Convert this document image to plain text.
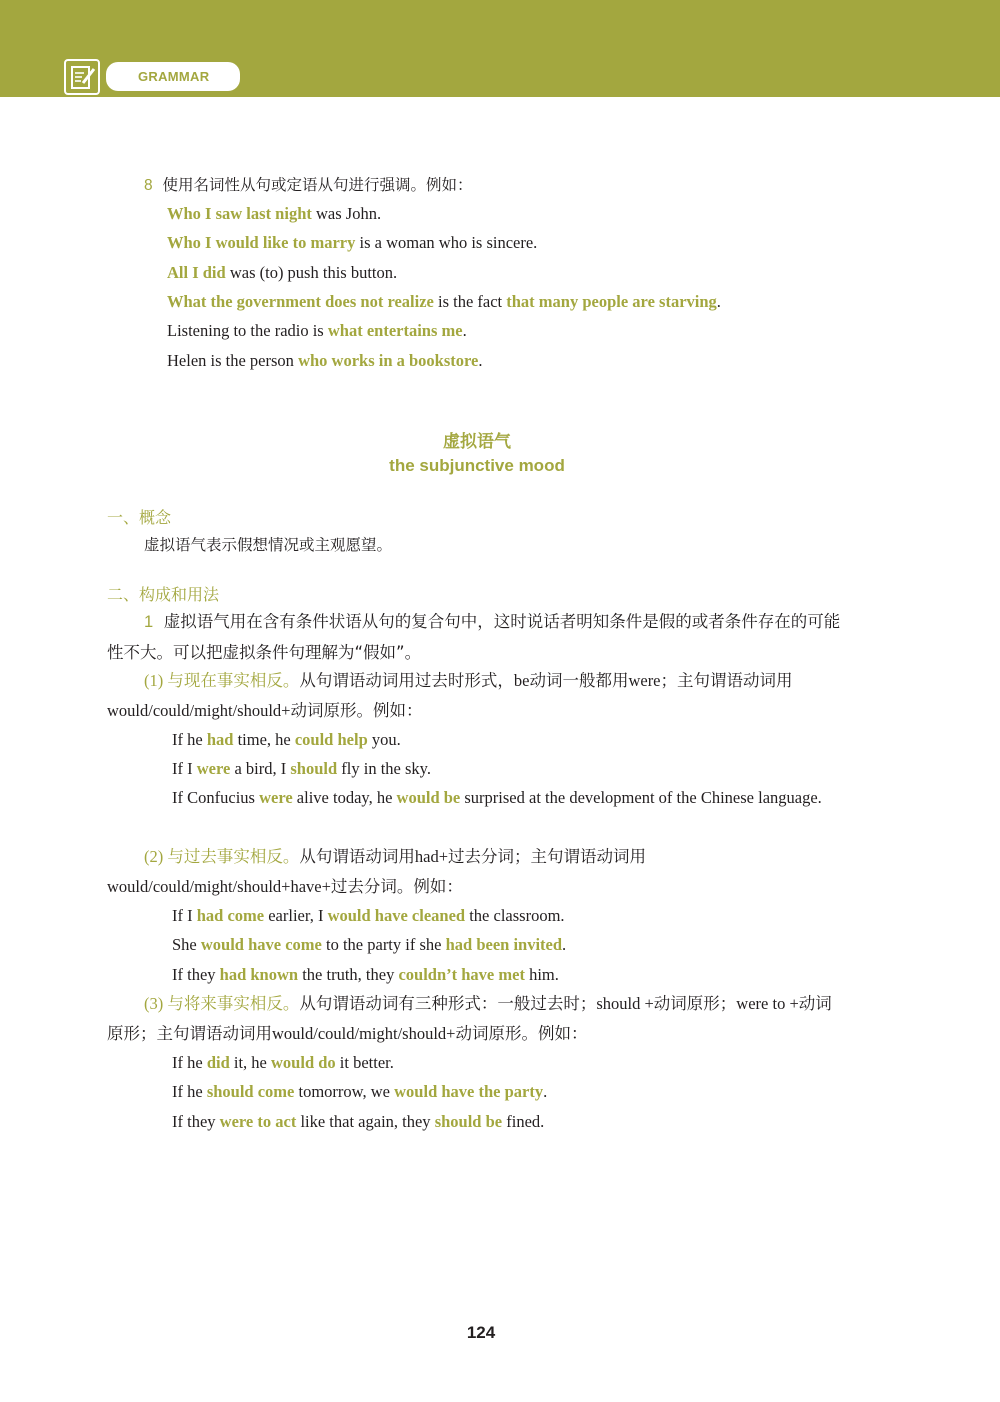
GRAMMAR
8 使用名词性从句或定语从句进行强调。例如：
Who I saw last night was John.
Who I would like to marry is a woman who is sincere.
All I did was (to) push this button.
What the government does not realize is the fact that many people are starving.
Listening to the radio is what entertains me.
Helen is the person who works in a bookstore.
虚拟语气
the subjunctive mood
一、概念
虚拟语气表示假想情况或主观愿望。
二、构成和用法
1 虚拟语气用在含有条件状语从句的复合句中，这时说话者明知条件是假的或者条件存在的可能性不大。可以把虚拟条件句理解为“假如”。
(1) 与现在事实相反。从句谓语动词用过去时形式，be动词一般都用were；主句谓语动词用would/could/might/should+动词原形。例如：
If he had time, he could help you.
If I were a bird, I should fly in the sky.
If Confucius were alive today, he would be surprised at the development of the Chinese language.
(2) 与过去事实相反。从句谓语动词用had+过去分词；主句谓语动词用would/could/might/should+have+过去分词。例如：
If I had come earlier, I would have cleaned the classroom.
She would have come to the party if she had been invited.
If they had known the truth, they couldn’t have met him.
(3) 与将来事实相反。从句谓语动词有三种形式：一般过去时；should +动词原形；were to +动词原形；主句谓语动词用would/could/might/should+动词原形。例如：
If he did it, he would do it better.
If he should come tomorrow, we would have the party.
If they were to act like that again, they should be fined.
124
